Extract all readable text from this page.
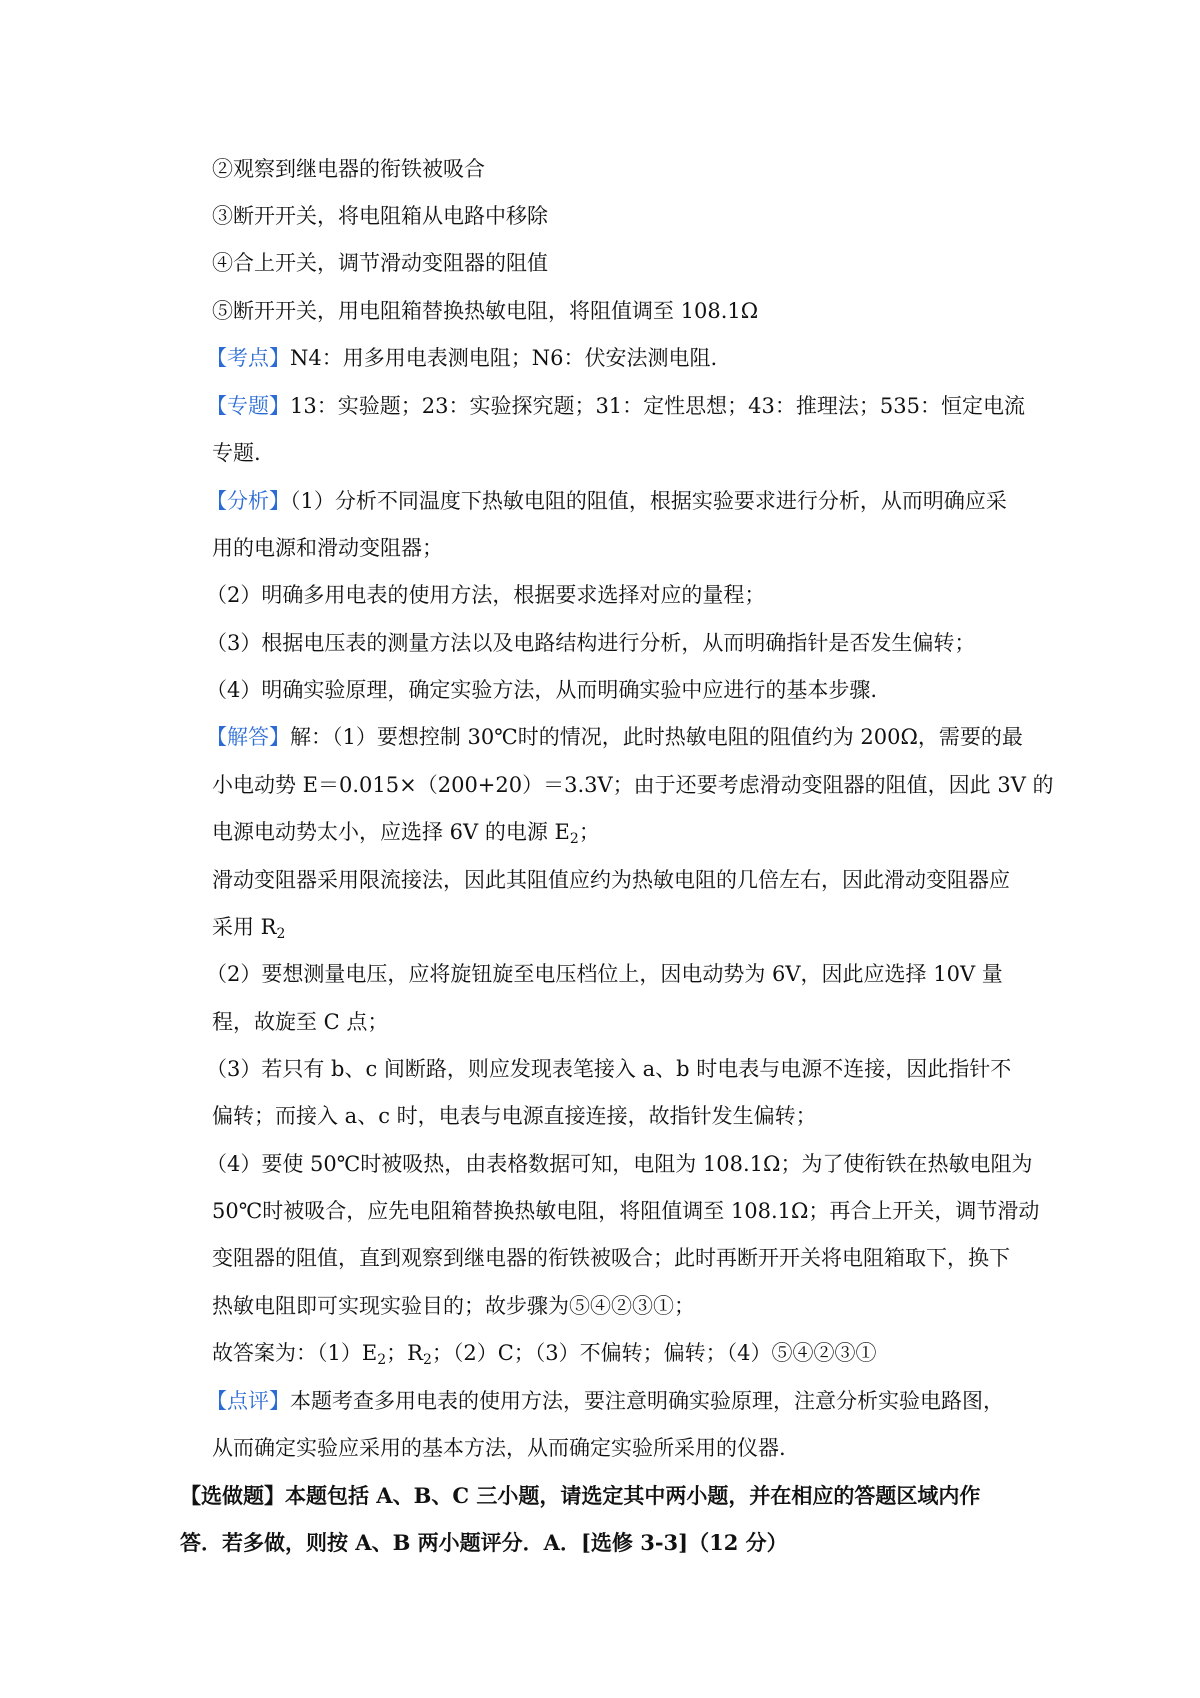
②观察到继电器的衔铁被吸合
③断开开关，将电阻箱从电路中移除
④合上开关，调节滑动变阻器的阻值
⑤断开开关，用电阻箱替换热敏电阻，将阻值调至 108.1Ω
【考点】N4：用多用电表测电阻；N6：伏安法测电阻.
【专题】13：实验题；23：实验探究题；31：定性思想；43：推理法；535：恒定电流
专题.
【分析】（1）分析不同温度下热敏电阻的阻值，根据实验要求进行分析，从而明确应采
用的电源和滑动变阻器；
（2）明确多用电表的使用方法，根据要求选择对应的量程；
（3）根据电压表的测量方法以及电路结构进行分析，从而明确指针是否发生偏转；
（4）明确实验原理，确定实验方法，从而明确实验中应进行的基本步骤.
【解答】解：（1）要想控制 30℃时的情况，此时热敏电阻的阻值约为 200Ω，需要的最
小电动势 E＝0.015×（200+20）＝3.3V；由于还要考虑滑动变阻器的阻值，因此 3V 的
电源电动势太小，应选择 6V 的电源 $E_2$；
滑动变阻器采用限流接法，因此其阻值应约为热敏电阻的几倍左右，因此滑动变阻器应
采用 $R_2$
（2）要想测量电压，应将旋钮旋至电压档位上，因电动势为 6V，因此应选择 10V 量
程，故旋至 C 点；
（3）若只有 b、c 间断路，则应发现表笔接入 a、b 时电表与电源不连接，因此指针不
偏转；而接入 a、c 时，电表与电源直接连接，故指针发生偏转；
（4）要使 50℃时被吸热，由表格数据可知，电阻为 108.1Ω；为了使衔铁在热敏电阻为
50℃时被吸合，应先电阻箱替换热敏电阻，将阻值调至 108.1Ω；再合上开关，调节滑动
变阻器的阻值，直到观察到继电器的衔铁被吸合；此时再断开开关将电阻箱取下，换下
热敏电阻即可实现实验目的；故步骤为⑤④②③①；
故答案为：$(1)E_2$；$R_2$；（2）C；（3）不偏转；偏转；（4）⑤④②③①
【点评】本题考查多用电表的使用方法，要注意明确实验原理，注意分析实验电路图，
从而确定实验应采用的基本方法，从而确定实验所采用的仪器.
【选做题】本题包括 A、B、C 三小题，请选定其中两小题，并在相应的答题区域内作
答．若多做，则按 A、B 两小题评分．A．[选修 3-3]（12 分）
